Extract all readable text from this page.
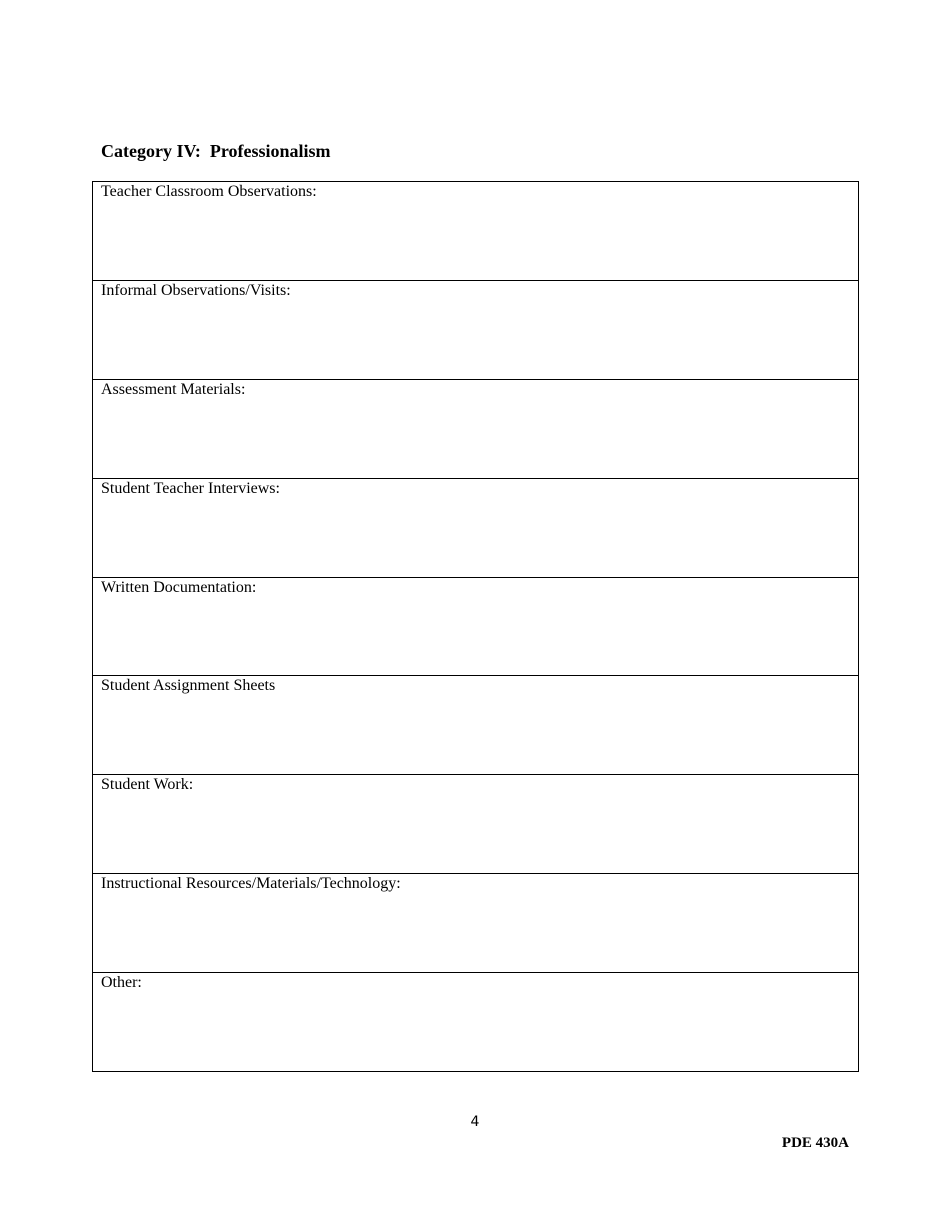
Category IV:  Professionalism
Teacher Classroom Observations:
Informal Observations/Visits:
Assessment Materials:
Student Teacher Interviews:
Written Documentation:
Student Assignment Sheets
Student Work:
Instructional Resources/Materials/Technology:
Other:
4
PDE 430A
